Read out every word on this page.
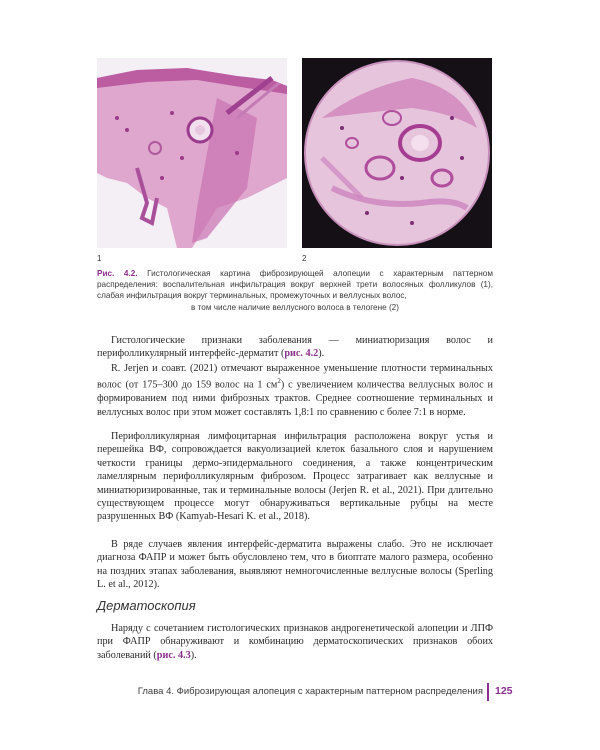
1	2
Рис. 4.2. Гистологическая картина фиброзирующей алопеции с характерным паттерном распределения: воспалительная инфильтрация вокруг верхней трети волосяных фолликулов (1), слабая инфильтрация вокруг терминальных, промежуточных и веллусных волос,
в том числе наличие веллусного волоса в телогене (2)

Гистологические признаки заболевания — миниатюризация волос и перифолликулярный интерфейс-дерматит (рис. 4.2).

R. Jerjen и соавт. (2021) отмечают выраженное уменьшение плотности терминальных волос (от 175–300 до 159 волос на 1 $см^2$) с увеличением количества веллусных волос и формированием под ними фиброзных трактов. Среднее соотношение терминальных и веллусных волос при этом может составлять 1,8:1 по сравнению с более 7:1 в норме.

Перифолликулярная лимфоцитарная инфильтрация расположена вокруг устья и перешейка ВФ, сопровождается вакуолизацией клеток базального слоя и нарушением четкости границы дермо-эпидермального соединения, а также концентрическим ламеллярным перифолликулярным фиброзом. Процесс затрагивает как веллусные и миниатюризированные, так и терминальные волосы (Jerjen R. et al., 2021). При длительно существующем процессе могут обнаруживаться вертикальные рубцы на месте разрушенных ВФ (Kamyab-Hesari K. et al., 2018).

В ряде случаев явления интерфейс-дерматита выражены слабо. Это не исключает диагноза ФАПР и может быть обусловлено тем, что в биоптате малого размера, особенно на поздних этапах заболевания, выявляют немногочисленные веллусные волосы (Sperling L. et al., 2012).

Дерматоскопия

Наряду с сочетанием гистологических признаков андрогенетической алопеции и ЛПФ при ФАПР обнаруживают и комбинацию дерматоскопических признаков обоих заболеваний (рис. 4.3).

Глава 4. Фиброзирующая алопеция с характерным паттерном распределения 125
